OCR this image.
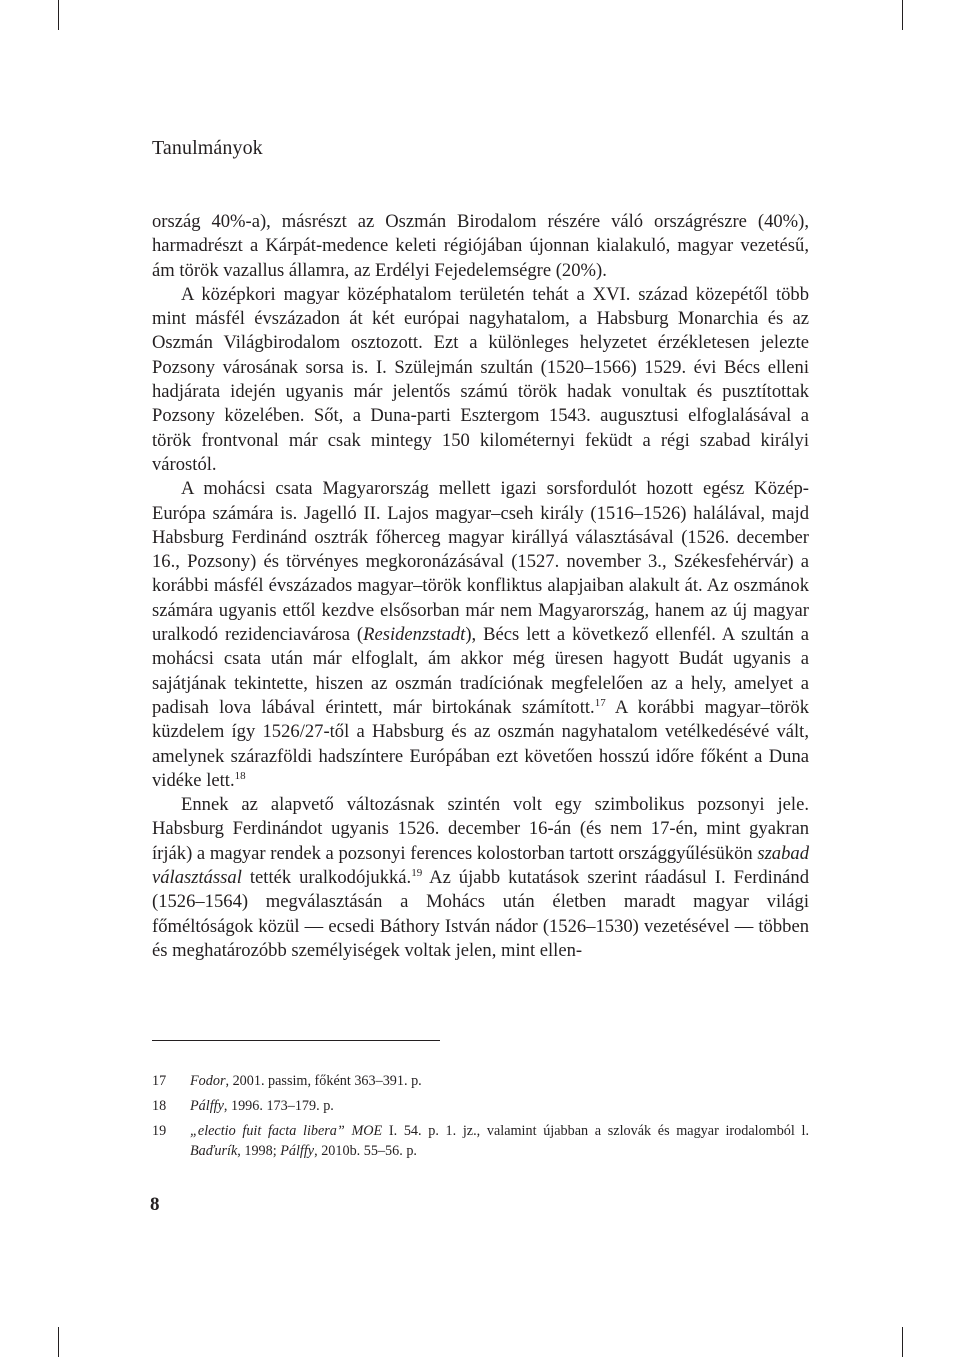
Tanulmányok

ország 40%-a), másrészt az Oszmán Birodalom részére váló országrészre (40%), harmadrészt a Kárpát-medence keleti régiójában újonnan kialakuló, magyar vezetésű, ám török vazallus államra, az Erdélyi Fejedelemségre (20%).

A középkori magyar középhatalom területén tehát a XVI. század közepétől több mint másfél évszázadon át két európai nagyhatalom, a Habsburg Monarchia és az Oszmán Világbirodalom osztozott. Ezt a különleges helyzetet érzékletesen jelezte Pozsony városának sorsa is. I. Szülejmán szultán (1520–1566) 1529. évi Bécs elleni hadjárata idején ugyanis már jelentős számú török hadak vonultak és pusztítottak Pozsony közelében. Sőt, a Duna-parti Esztergom 1543. augusztusi elfoglalásával a török frontvonal már csak mintegy 150 kilométernyi feküdt a régi szabad királyi várostól.

A mohácsi csata Magyarország mellett igazi sorsfordulót hozott egész Közép-Európa számára is. Jagelló II. Lajos magyar–cseh király (1516–1526) halálával, majd Habsburg Ferdinánd osztrák főherceg magyar királlyá választásával (1526. december 16., Pozsony) és törvényes megkoronázásával (1527. november 3., Székesfehérvár) a korábbi másfél évszázados magyar–török konfliktus alapjaiban alakult át. Az oszmánok számára ugyanis ettől kezdve elsősorban már nem Magyarország, hanem az új magyar uralkodó rezidenciavárosa (Residenzstadt), Bécs lett a következő ellenfél. A szultán a mohácsi csata után már elfoglalt, ám akkor még üresen hagyott Budát ugyanis a sajátjának tekintette, hiszen az oszmán tradíciónak megfelelően az a hely, amelyet a padisah lova lábával érintett, már birtokának számított.$^{17}$ A korábbi magyar–török küzdelem így 1526/27-től a Habsburg és az oszmán nagyhatalom vetélkedésévé vált, amelynek szárazföldi hadszíntere Európában ezt követően hosszú időre főként a Duna vidéke lett.$^{18}$

Ennek az alapvető változásnak szintén volt egy szimbolikus pozsonyi jele. Habsburg Ferdinándot ugyanis 1526. december 16-án (és nem 17-én, mint gyakran írják) a magyar rendek a pozsonyi ferences kolostorban tartott országgyűlésükön szabad választással tették uralkodójukká.$^{19}$ Az újabb kutatások szerint ráadásul I. Ferdinánd (1526–1564) megválasztásán a Mohács után életben maradt magyar világi főméltóságok közül — ecsedi Báthory István nádor (1526–1530) vezetésével — többen és meghatározóbb személyiségek voltak jelen, mint ellen-

17	Fodor, 2001. passim, főként 363–391. p.
18	Pálffy, 1996. 173–179. p.
19	„electio fuit facta libera” MOE I. 54. p. 1. jz., valamint újabban a szlovák és magyar irodalomból l. Baďurík, 1998; Pálffy, 2010b. 55–56. p.
8
